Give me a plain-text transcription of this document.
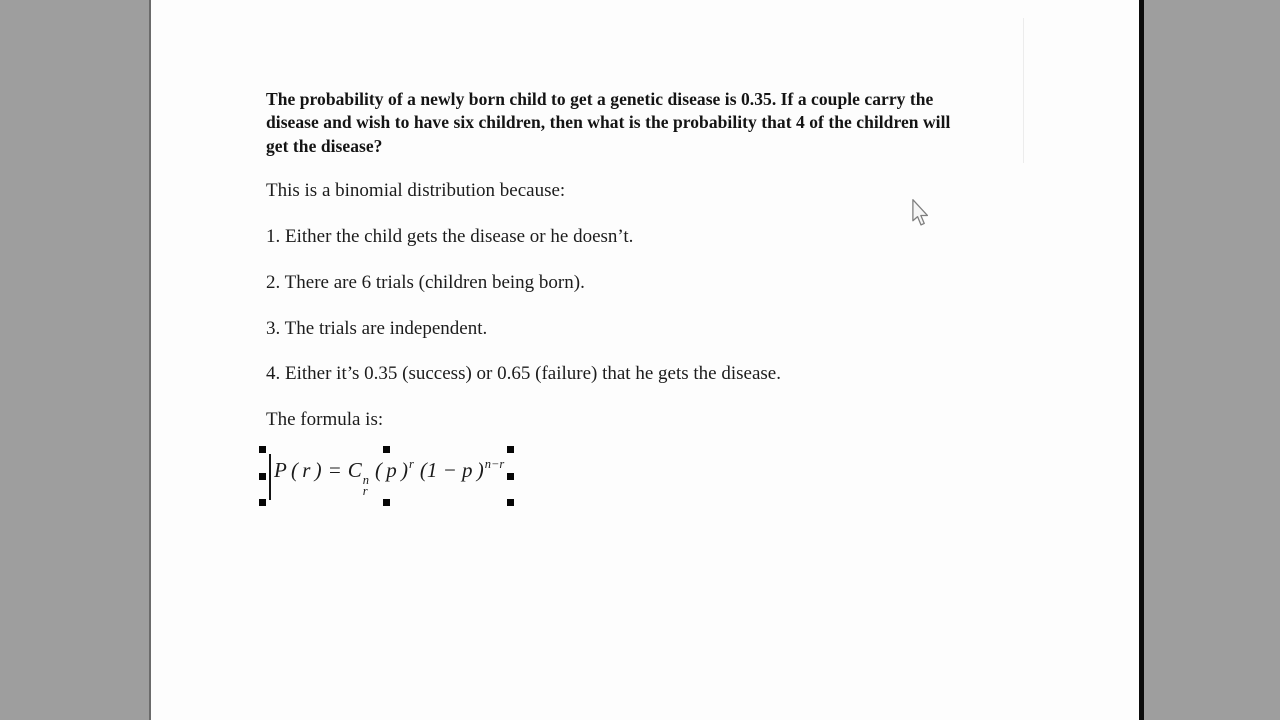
The probability of a newly born child to get a genetic disease is 0.35. If a couple carry the
disease and wish to have six children, then what is the probability that 4 of the children will
get the disease?
This is a binomial distribution because:
1. Either the child gets the disease or he doesn’t.
2. There are 6 trials (children being born).
3. The trials are independent.
4. Either it’s 0.35 (success) or 0.65 (failure) that he gets the disease.
The formula is:
P ( r ) = C n
r
( p )$^r$ (1 − p )$^{n-r}$
